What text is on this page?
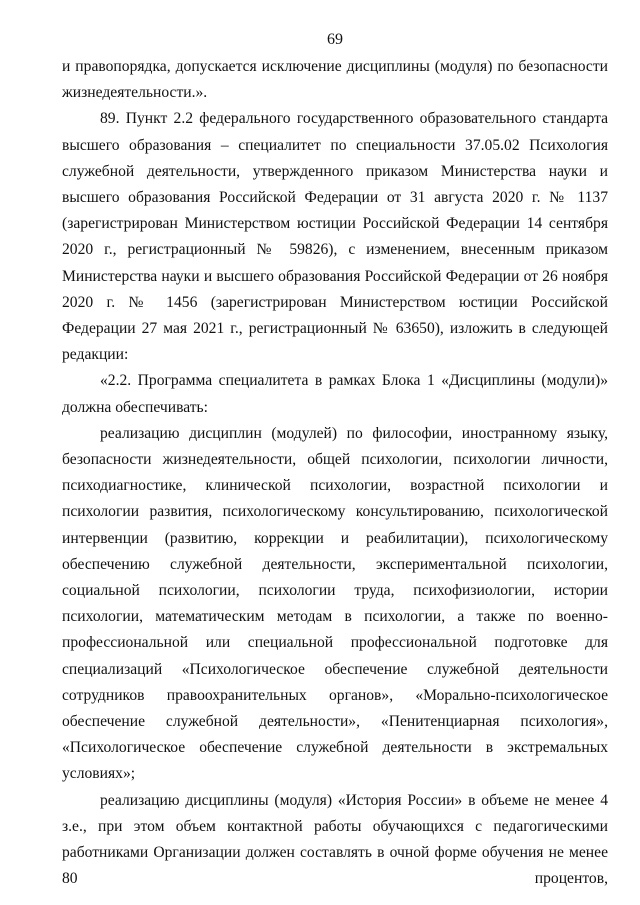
69

и правопорядка, допускается исключение дисциплины (модуля) по безопасности жизнедеятельности.».

89. Пункт 2.2 федерального государственного образовательного стандарта высшего образования – специалитет по специальности 37.05.02 Психология служебной деятельности, утвержденного приказом Министерства науки и высшего образования Российской Федерации от 31 августа 2020 г. № 1137 (зарегистрирован Министерством юстиции Российской Федерации 14 сентября 2020 г., регистрационный № 59826), с изменением, внесенным приказом Министерства науки и высшего образования Российской Федерации от 26 ноября 2020 г. № 1456 (зарегистрирован Министерством юстиции Российской Федерации 27 мая 2021 г., регистрационный № 63650), изложить в следующей редакции:

«2.2. Программа специалитета в рамках Блока 1 «Дисциплины (модули)» должна обеспечивать:

реализацию дисциплин (модулей) по философии, иностранному языку, безопасности жизнедеятельности, общей психологии, психологии личности, психодиагностике, клинической психологии, возрастной психологии и психологии развития, психологическому консультированию, психологической интервенции (развитию, коррекции и реабилитации), психологическому обеспечению служебной деятельности, экспериментальной психологии, социальной психологии, психологии труда, психофизиологии, истории психологии, математическим методам в психологии, а также по военно-профессиональной или специальной профессиональной подготовке для специализаций «Психологическое обеспечение служебной деятельности сотрудников правоохранительных органов», «Морально-психологическое обеспечение служебной деятельности», «Пенитенциарная психология», «Психологическое обеспечение служебной деятельности в экстремальных условиях»;

реализацию дисциплины (модуля) «История России» в объеме не менее 4 з.е., при этом объем контактной работы обучающихся с педагогическими работниками Организации должен составлять в очной форме обучения не менее 80 процентов,
